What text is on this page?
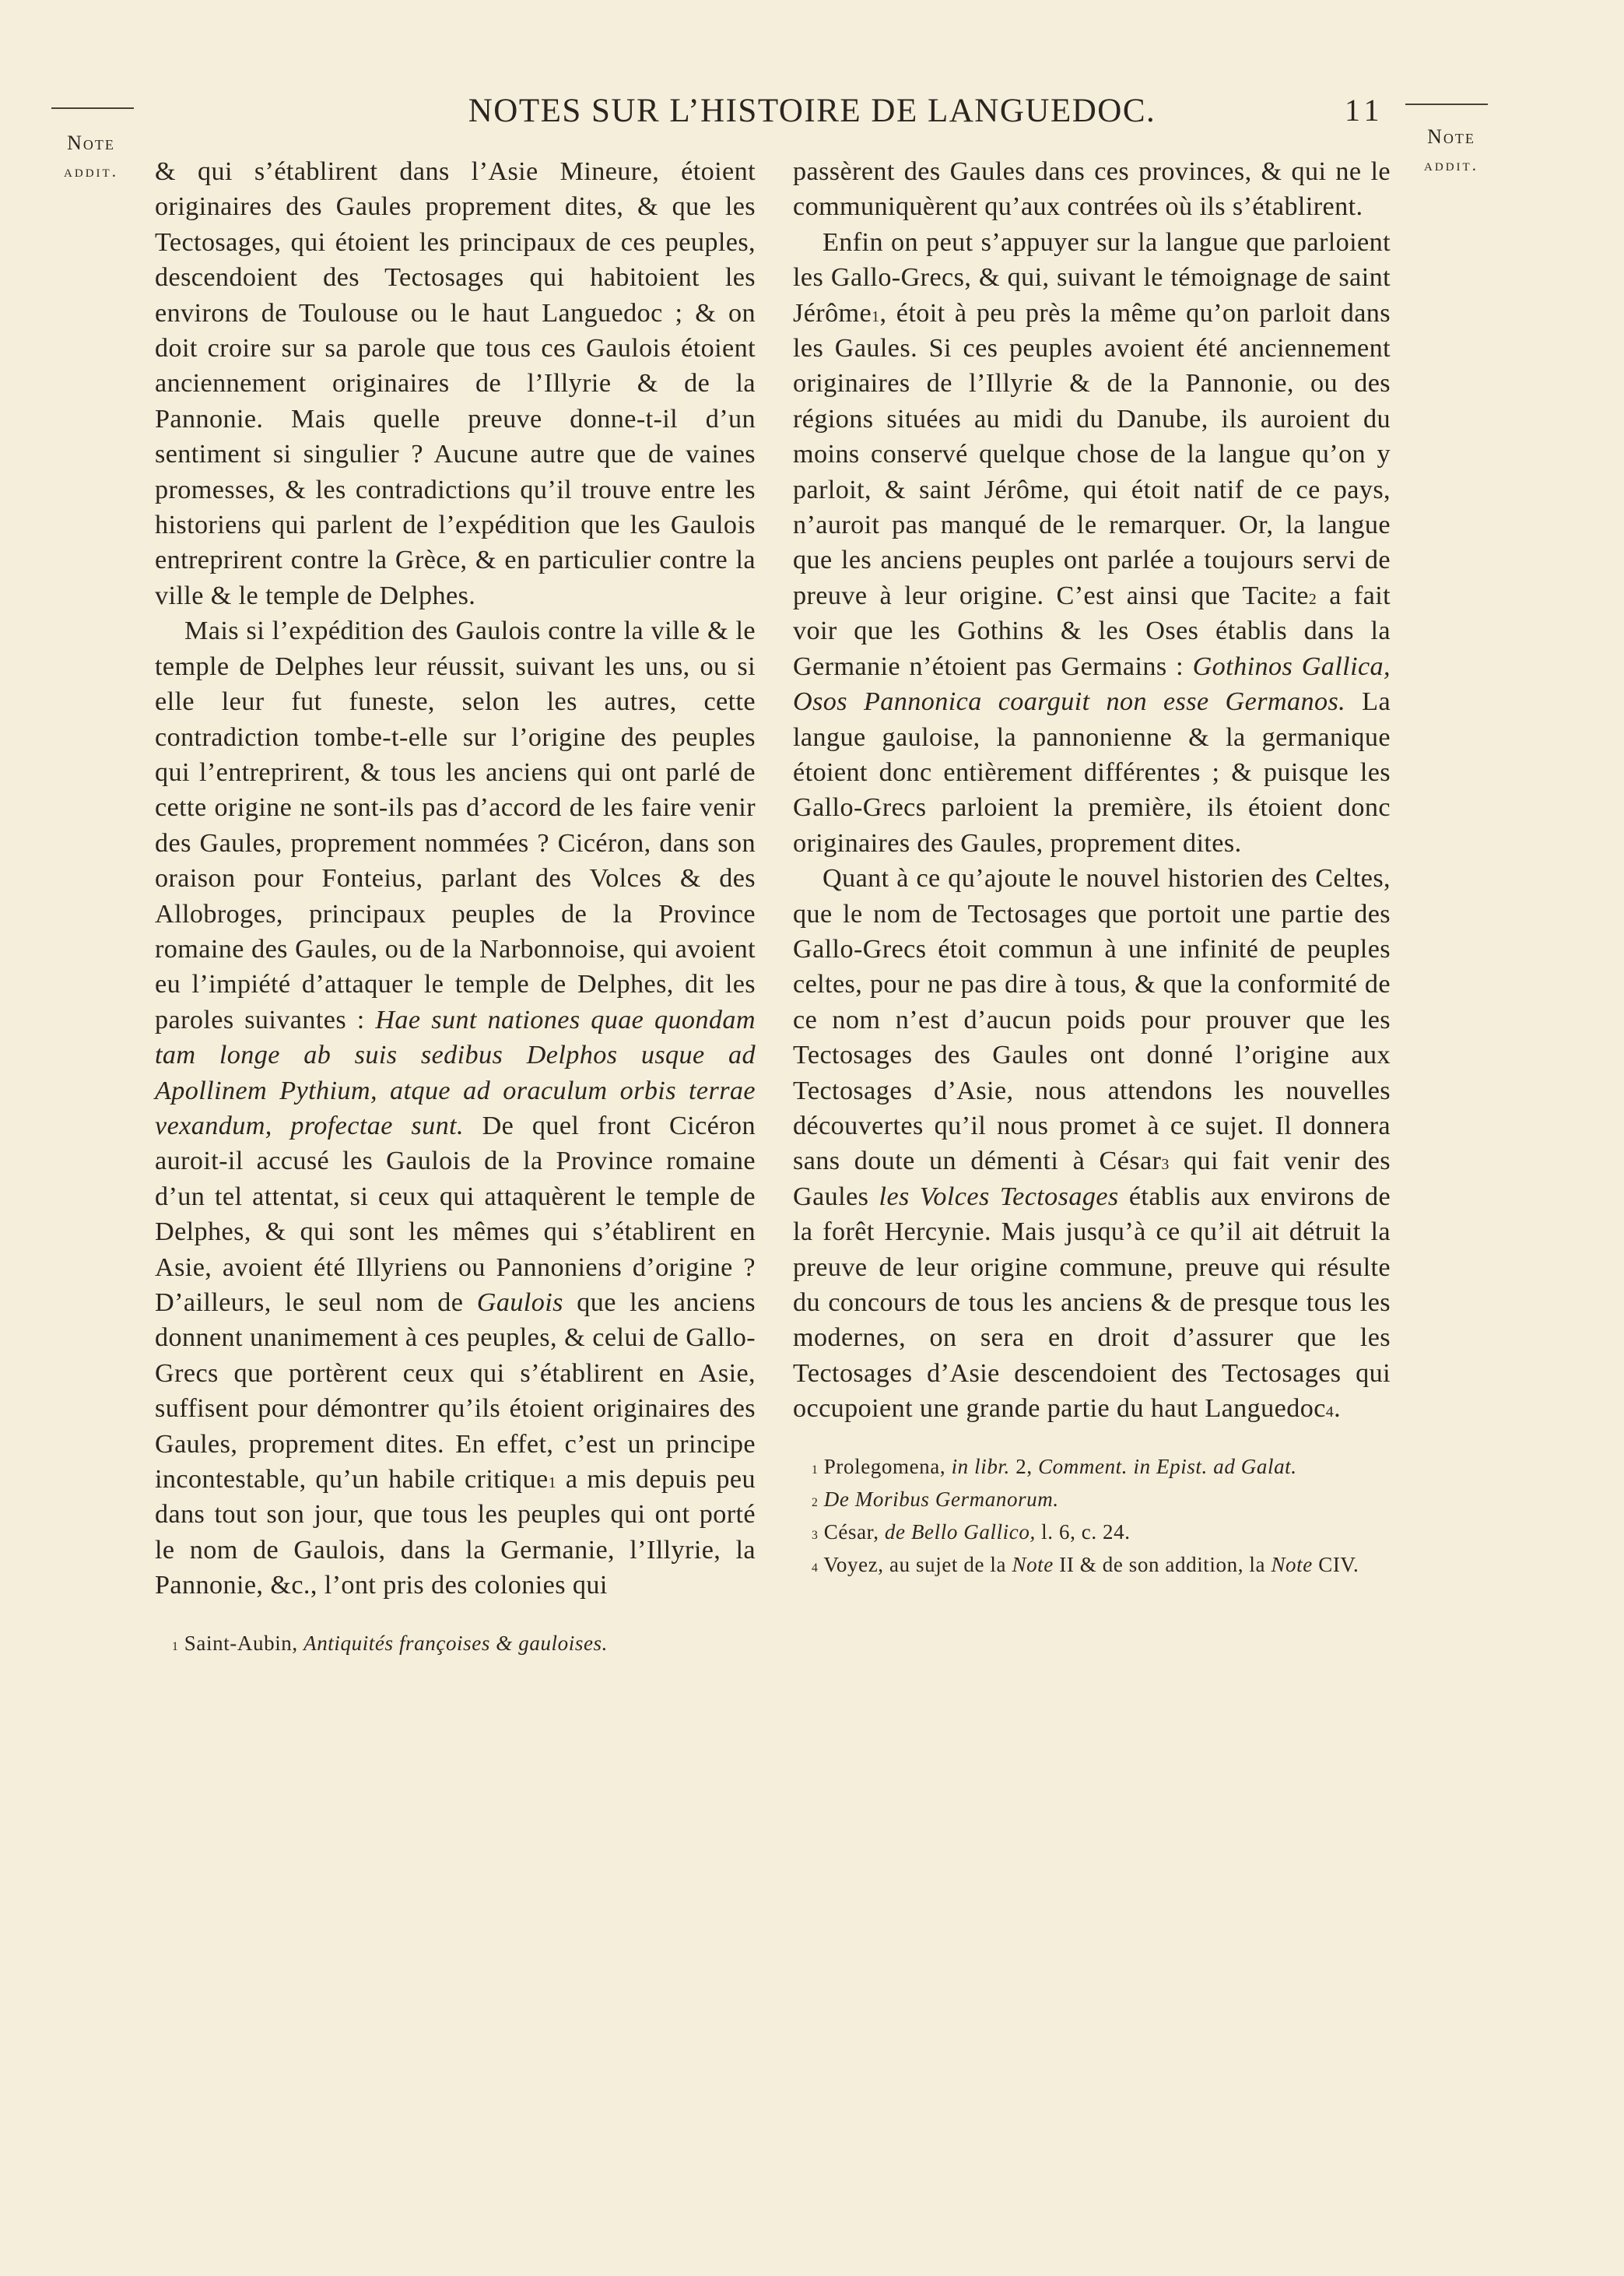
Note
addit.
Note
addit.
NOTES SUR L’HISTOIRE DE LANGUEDOC.	11

& qui s’établirent dans l’Asie Mineure, étoient originaires des Gaules proprement dites, & que les Tectosages, qui étoient les principaux de ces peuples, descendoient des Tectosages qui habitoient les environs de Toulouse ou le haut Languedoc ; & on doit croire sur sa parole que tous ces Gaulois étoient anciennement originaires de l’Illyrie & de la Pannonie. Mais quelle preuve donne-t-il d’un sentiment si singulier ? Aucune autre que de vaines promesses, & les contradictions qu’il trouve entre les historiens qui parlent de l’expédition que les Gaulois entreprirent contre la Grèce, & en particulier contre la ville & le temple de Delphes.

Mais si l’expédition des Gaulois contre la ville & le temple de Delphes leur réussit, suivant les uns, ou si elle leur fut funeste, selon les autres, cette contradiction tombe-t-elle sur l’origine des peuples qui l’entreprirent, & tous les anciens qui ont parlé de cette origine ne sont-ils pas d’accord de les faire venir des Gaules, proprement nommées ? Cicéron, dans son oraison pour Fonteius, parlant des Volces & des Allobroges, principaux peuples de la Province romaine des Gaules, ou de la Narbonnoise, qui avoient eu l’impiété d’attaquer le temple de Delphes, dit les paroles suivantes : Hae sunt nationes quae quondam tam longe ab suis sedibus Delphos usque ad Apollinem Pythium, atque ad oraculum orbis terrae vexandum, profectae sunt. De quel front Cicéron auroit-il accusé les Gaulois de la Province romaine d’un tel attentat, si ceux qui attaquèrent le temple de Delphes, & qui sont les mêmes qui s’établirent en Asie, avoient été Illyriens ou Pannoniens d’origine ? D’ailleurs, le seul nom de Gaulois que les anciens donnent unanimement à ces peuples, & celui de Gallo-Grecs que portèrent ceux qui s’établirent en Asie, suffisent pour démontrer qu’ils étoient originaires des Gaules, proprement dites. En effet, c’est un principe incontestable, qu’un habile critique$^1$ a mis depuis peu dans tout son jour, que tous les peuples qui ont porté le nom de Gaulois, dans la Germanie, l’Illyrie, la Pannonie, &c., l’ont pris des colonies qui

$^1$ Saint-Aubin, Antiquités françoises & gauloises.

passèrent des Gaules dans ces provinces, & qui ne le communiquèrent qu’aux contrées où ils s’établirent.

Enfin on peut s’appuyer sur la langue que parloient les Gallo-Grecs, & qui, suivant le témoignage de saint Jérôme$^1$, étoit à peu près la même qu’on parloit dans les Gaules. Si ces peuples avoient été anciennement originaires de l’Illyrie & de la Pannonie, ou des régions situées au midi du Danube, ils auroient du moins conservé quelque chose de la langue qu’on y parloit, & saint Jérôme, qui étoit natif de ce pays, n’auroit pas manqué de le remarquer. Or, la langue que les anciens peuples ont parlée a toujours servi de preuve à leur origine. C’est ainsi que Tacite$^2$ a fait voir que les Gothins & les Oses établis dans la Germanie n’étoient pas Germains : Gothinos Gallica, Osos Pannonica coarguit non esse Germanos. La langue gauloise, la pannonienne & la germanique étoient donc entièrement différentes ; & puisque les Gallo-Grecs parloient la première, ils étoient donc originaires des Gaules, proprement dites.

Quant à ce qu’ajoute le nouvel historien des Celtes, que le nom de Tectosages que portoit une partie des Gallo-Grecs étoit commun à une infinité de peuples celtes, pour ne pas dire à tous, & que la conformité de ce nom n’est d’aucun poids pour prouver que les Tectosages des Gaules ont donné l’origine aux Tectosages d’Asie, nous attendons les nouvelles découvertes qu’il nous promet à ce sujet. Il donnera sans doute un démenti à César$^3$ qui fait venir des Gaules les Volces Tectosages établis aux environs de la forêt Hercynie. Mais jusqu’à ce qu’il ait détruit la preuve de leur origine commune, preuve qui résulte du concours de tous les anciens & de presque tous les modernes, on sera en droit d’assurer que les Tectosages d’Asie descendoient des Tectosages qui occupoient une grande partie du haut Languedoc$^4$.

$^1$ Prolegomena, in libr. 2, Comment. in Epist. ad Galat.

$^2$ De Moribus Germanorum.

$^3$ César, de Bello Gallico, l. 6, c. 24.

$^4$ Voyez, au sujet de la Note II & de son addition, la Note CIV.
